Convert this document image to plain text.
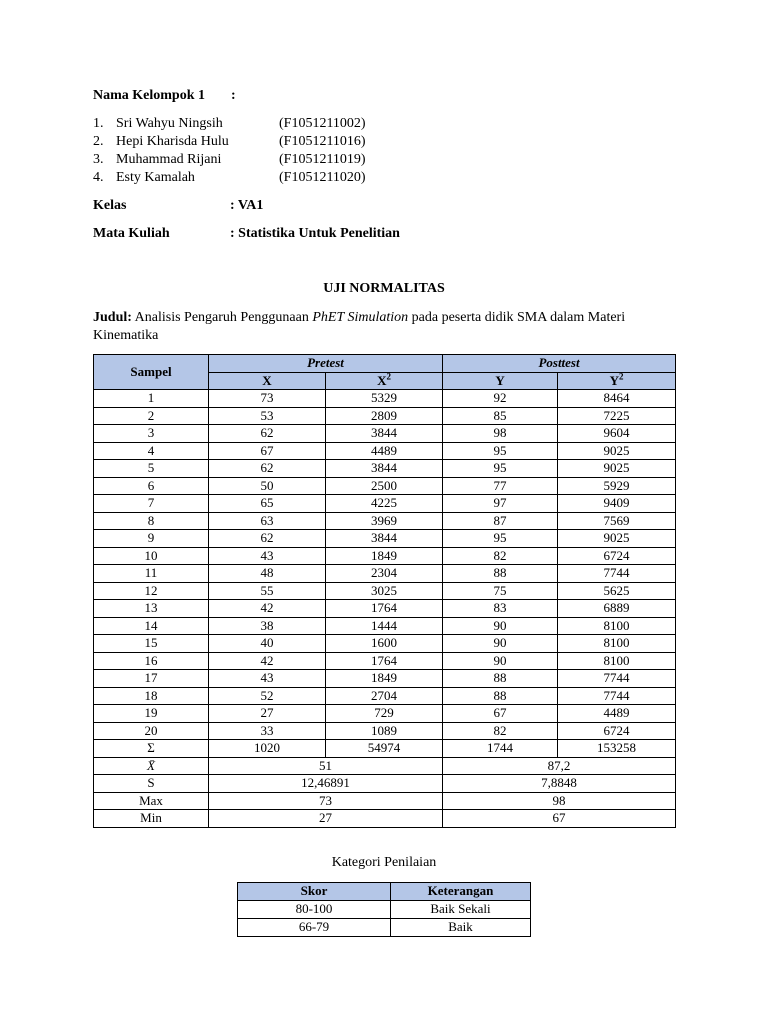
Nama Kelompok 1 :
1. Sri Wahyu Ningsih	(F1051211002)
2. Hepi Kharisda Hulu	(F1051211016)
3. Muhammad Rijani	(F1051211019)
4. Esty Kamalah	(F1051211020)
Kelas	: VA1
Mata Kuliah	: Statistika Untuk Penelitian
UJI NORMALITAS
Judul: Analisis Pengaruh Penggunaan PhET Simulation pada peserta didik SMA dalam Materi Kinematika
Sampel	Pretest		Posttest	
	X	$X^2$	Y	$Y^2$
1	73	5329	92	8464
2	53	2809	85	7225
3	62	3844	98	9604
4	67	4489	95	9025
5	62	3844	95	9025
6	50	2500	77	5929
7	65	4225	97	9409
8	63	3969	87	7569
9	62	3844	95	9025
10	43	1849	82	6724
11	48	2304	88	7744
12	55	3025	75	5625
13	42	1764	83	6889
14	38	1444	90	8100
15	40	1600	90	8100
16	42	1764	90	8100
17	43	1849	88	7744
18	52	2704	88	7744
19	27	729	67	4489
20	33	1089	82	6724
Σ	1020	54974	1744	153258
X̄	51		87,2	
S	12,46891		7,8848	
Max	73		98	
Min	27		67	
Kategori Penilaian
Skor	Keterangan
80-100	Baik Sekali
66-79	Baik
